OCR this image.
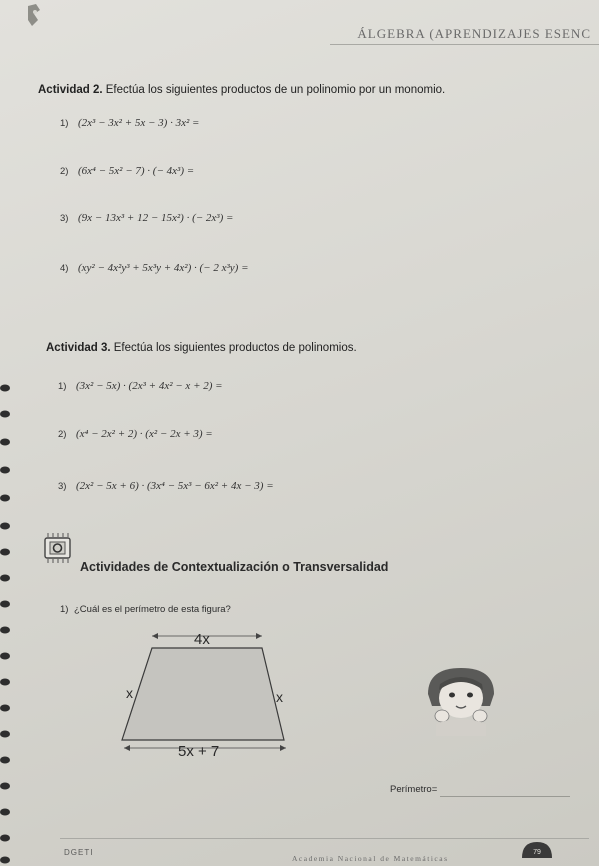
ÁLGEBRA (APRENDIZAJES ESENC
Actividad 2. Efectúa los siguientes productos de un polinomio por un monomio.
1) (2x³ − 3x² + 5x − 3) · 3x² =
2) (6x⁴ − 5x² − 7) · (− 4x³) =
3) (9x − 13x³ + 12 − 15x²) · (− 2x³) =
4) (xy² − 4x²y³ + 5x³y + 4x²) · (− 2 x³y) =
Actividad 3. Efectúa los siguientes productos de polinomios.
1) (3x² − 5x) · (2x³ + 4x² − x + 2) =
2) (x⁴ − 2x² + 2) · (x² − 2x + 3) =
3) (2x² − 5x + 6) · (3x⁴ − 5x³ − 6x² + 4x − 3) =
Actividades de Contextualización o Transversalidad
1) ¿Cuál es el perímetro de esta figura?
4x
x	x
5x + 7
Perímetro=
DGETI
Academia Nacional de Matemáticas
79
